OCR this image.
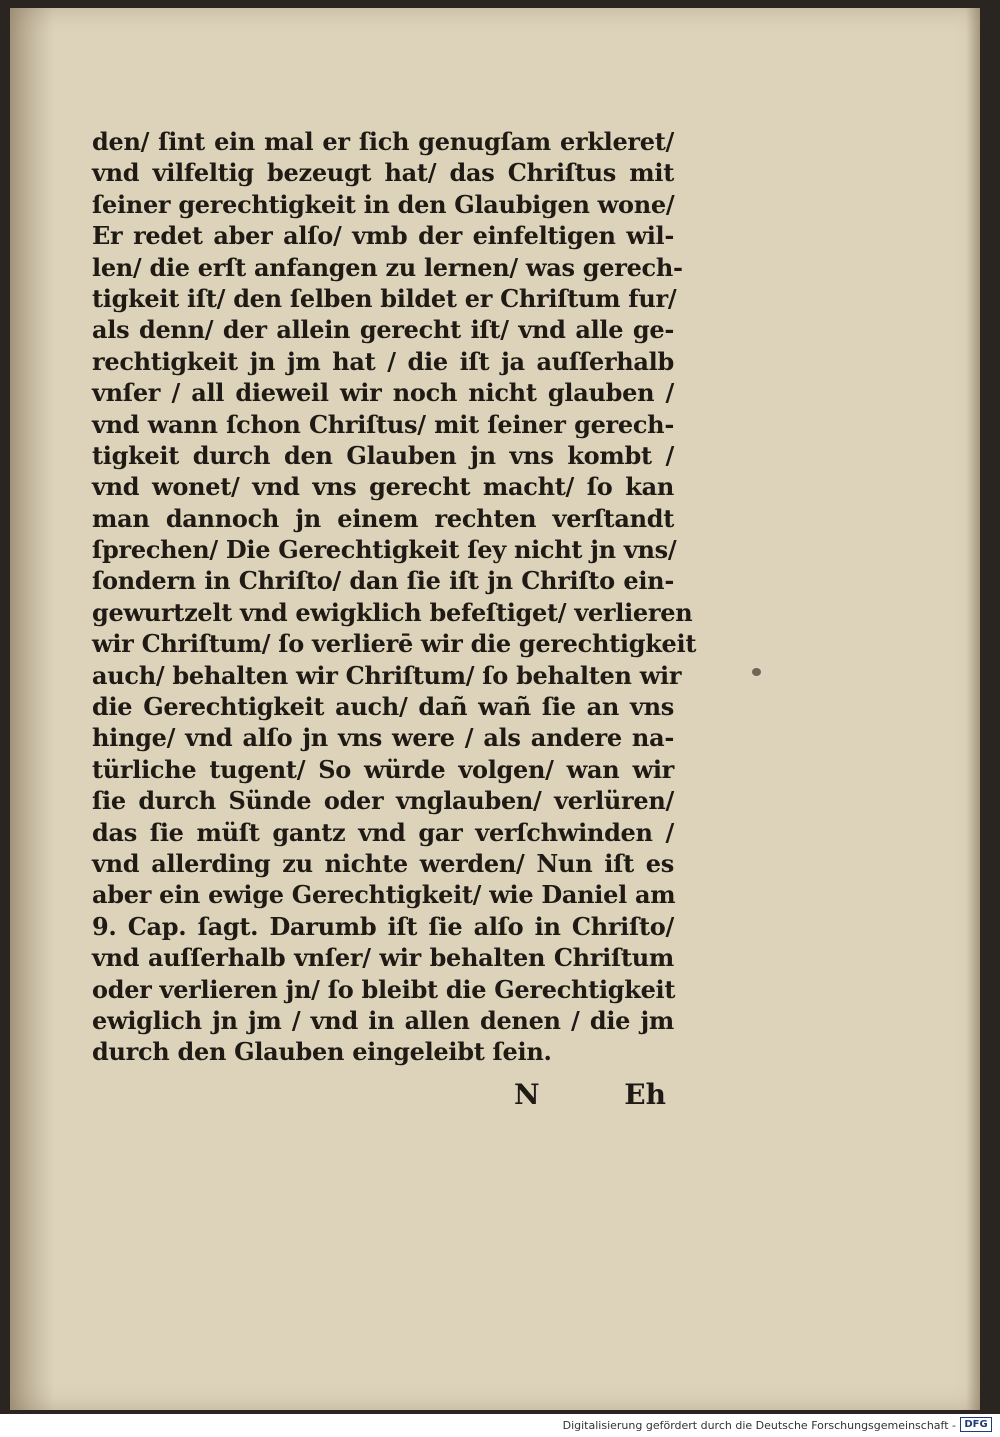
den/ ſint ein mal er ſich genugſam erkleret/
vnd vilfeltig bezeugt hat/ das Chriſtus mit
ſeiner gerechtigkeit in den Glaubigen wone/
Er redet aber alſo/ vmb der einfeltigen wil-
len/ die erſt anfangen zu lernen/ was gerech-
tigkeit iſt/ den ſelben bildet er Chriſtum fur/
als denn/ der allein gerecht iſt/ vnd alle ge-
rechtigkeit jn jm hat / die iſt ja auſſerhalb
vnſer / all dieweil wir noch nicht glauben /
vnd wann ſchon Chriſtus/ mit ſeiner gerech-
tigkeit durch den Glauben jn vns kombt /
vnd wonet/ vnd vns gerecht macht/ ſo kan
man dannoch jn einem rechten verſtandt
ſprechen/ Die Gerechtigkeit ſey nicht jn vns/
ſondern in Chriſto/ dan ſie iſt jn Chriſto ein-
gewurtzelt vnd ewigklich befeſtiget/ verlieren
wir Chriſtum/ ſo verlierē wir die gerechtigkeit
auch/ behalten wir Chriſtum/ ſo behalten wir
die Gerechtigkeit auch/ dañ wañ ſie an vns
hinge/ vnd alſo jn vns were / als andere na-
türliche tugent/ So würde volgen/ wan wir
ſie durch Sünde oder vnglauben/ verlüren/
das ſie müſt gantz vnd gar verſchwinden /
vnd allerding zu nichte werden/ Nun iſt es
aber ein ewige Gerechtigkeit/ wie Daniel am
9. Cap. ſagt. Darumb iſt ſie alſo in Chriſto/
vnd auſſerhalb vnſer/ wir behalten Chriſtum
oder verlieren jn/ ſo bleibt die Gerechtigkeit
ewiglich jn jm / vnd in allen denen / die jm
durch den Glauben eingeleibt ſein.
N	Eh
Digitalisierung gefördert durch die Deutsche Forschungsgemeinschaft - DFG
